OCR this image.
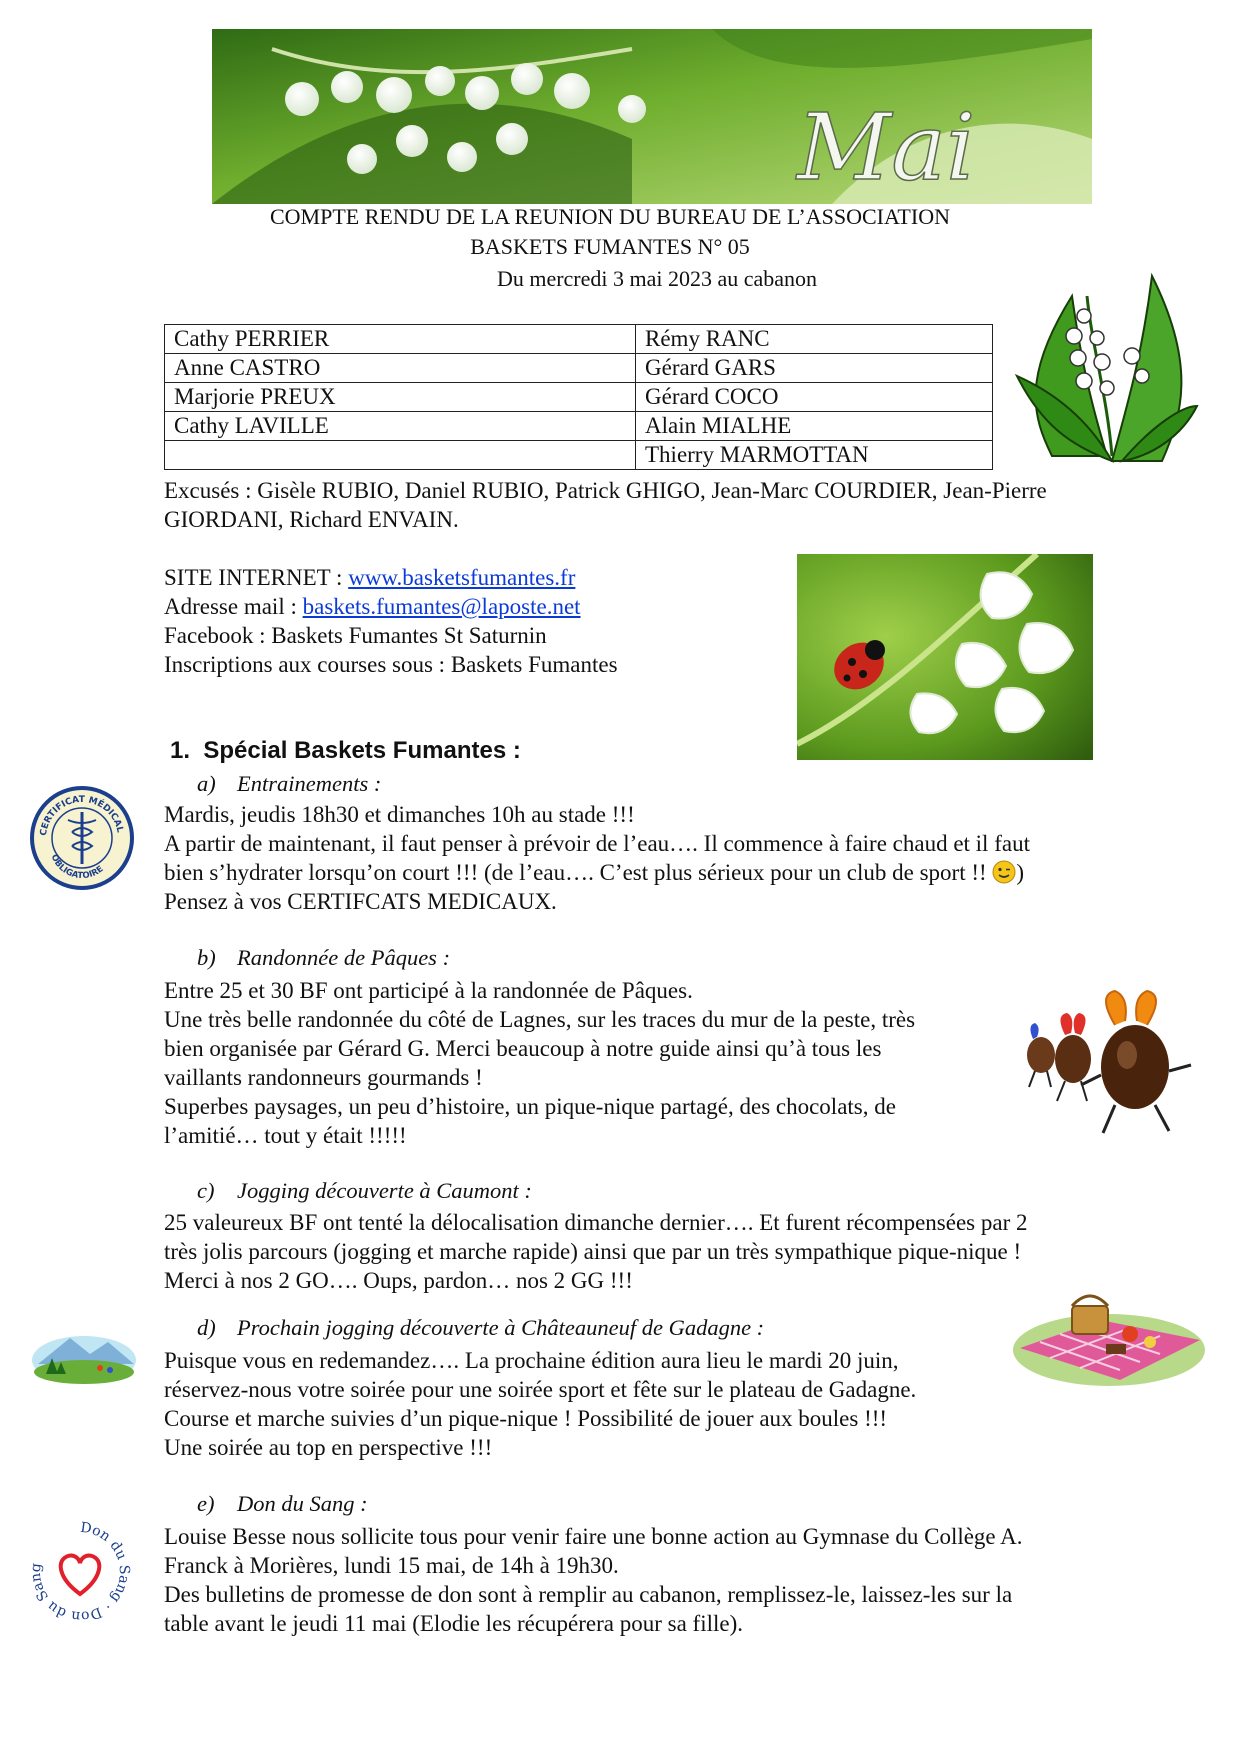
Mai
COMPTE RENDU DE LA REUNION DU BUREAU DE L’ASSOCIATION
BASKETS FUMANTES N° 05
Du mercredi 3 mai 2023 au cabanon
Cathy PERRIER	Rémy RANC
Anne CASTRO	Gérard GARS
Marjorie PREUX	Gérard COCO
Cathy LAVILLE	Alain MIALHE
	Thierry MARMOTTAN
Excusés : Gisèle RUBIO, Daniel RUBIO, Patrick GHIGO, Jean-Marc COURDIER, Jean-Pierre
GIORDANI, Richard ENVAIN.
SITE INTERNET : www.basketsfumantes.fr
Adresse mail : baskets.fumantes@laposte.net
Facebook : Baskets Fumantes St Saturnin
Inscriptions aux courses sous : Baskets Fumantes
1. Spécial Baskets Fumantes :
CERTIFICAT MÉDICAL
OBLIGATOIRE
a) Entrainements :
Mardis, jeudis 18h30 et dimanches 10h au stade !!!
A partir de maintenant, il faut penser à prévoir de l’eau…. Il commence à faire chaud et il faut
bien s’hydrater lorsqu’on court !!! (de l’eau…. C’est plus sérieux pour un club de sport !! )
Pensez à vos CERTIFCATS MEDICAUX.
b) Randonnée de Pâques :
Entre 25 et 30 BF ont participé à la randonnée de Pâques.
Une très belle randonnée du côté de Lagnes, sur les traces du mur de la peste, très
bien organisée par Gérard G. Merci beaucoup à notre guide ainsi qu’à tous les
vaillants randonneurs gourmands !
Superbes paysages, un peu d’histoire, un pique-nique partagé, des chocolats, de
l’amitié… tout y était !!!!!
c) Jogging découverte à Caumont :
25 valeureux BF ont tenté la délocalisation dimanche dernier…. Et furent récompensées par 2
très jolis parcours (jogging et marche rapide) ainsi que par un très sympathique pique-nique !
Merci à nos 2 GO…. Oups, pardon… nos 2 GG !!!
d) Prochain jogging découverte à Châteauneuf de Gadagne :
Puisque vous en redemandez…. La prochaine édition aura lieu le mardi 20 juin,
réservez-nous votre soirée pour une soirée sport et fête sur le plateau de Gadagne.
Course et marche suivies d’un pique-nique ! Possibilité de jouer aux boules !!!
Une soirée au top en perspective !!!
e) Don du Sang :
Don du Sang · Don du Sang
Louise Besse nous sollicite tous pour venir faire une bonne action au Gymnase du Collège A.
Franck à Morières, lundi 15 mai, de 14h à 19h30.
Des bulletins de promesse de don sont à remplir au cabanon, remplissez-le, laissez-les sur la
table avant le jeudi 11 mai (Elodie les récupérera pour sa fille).
